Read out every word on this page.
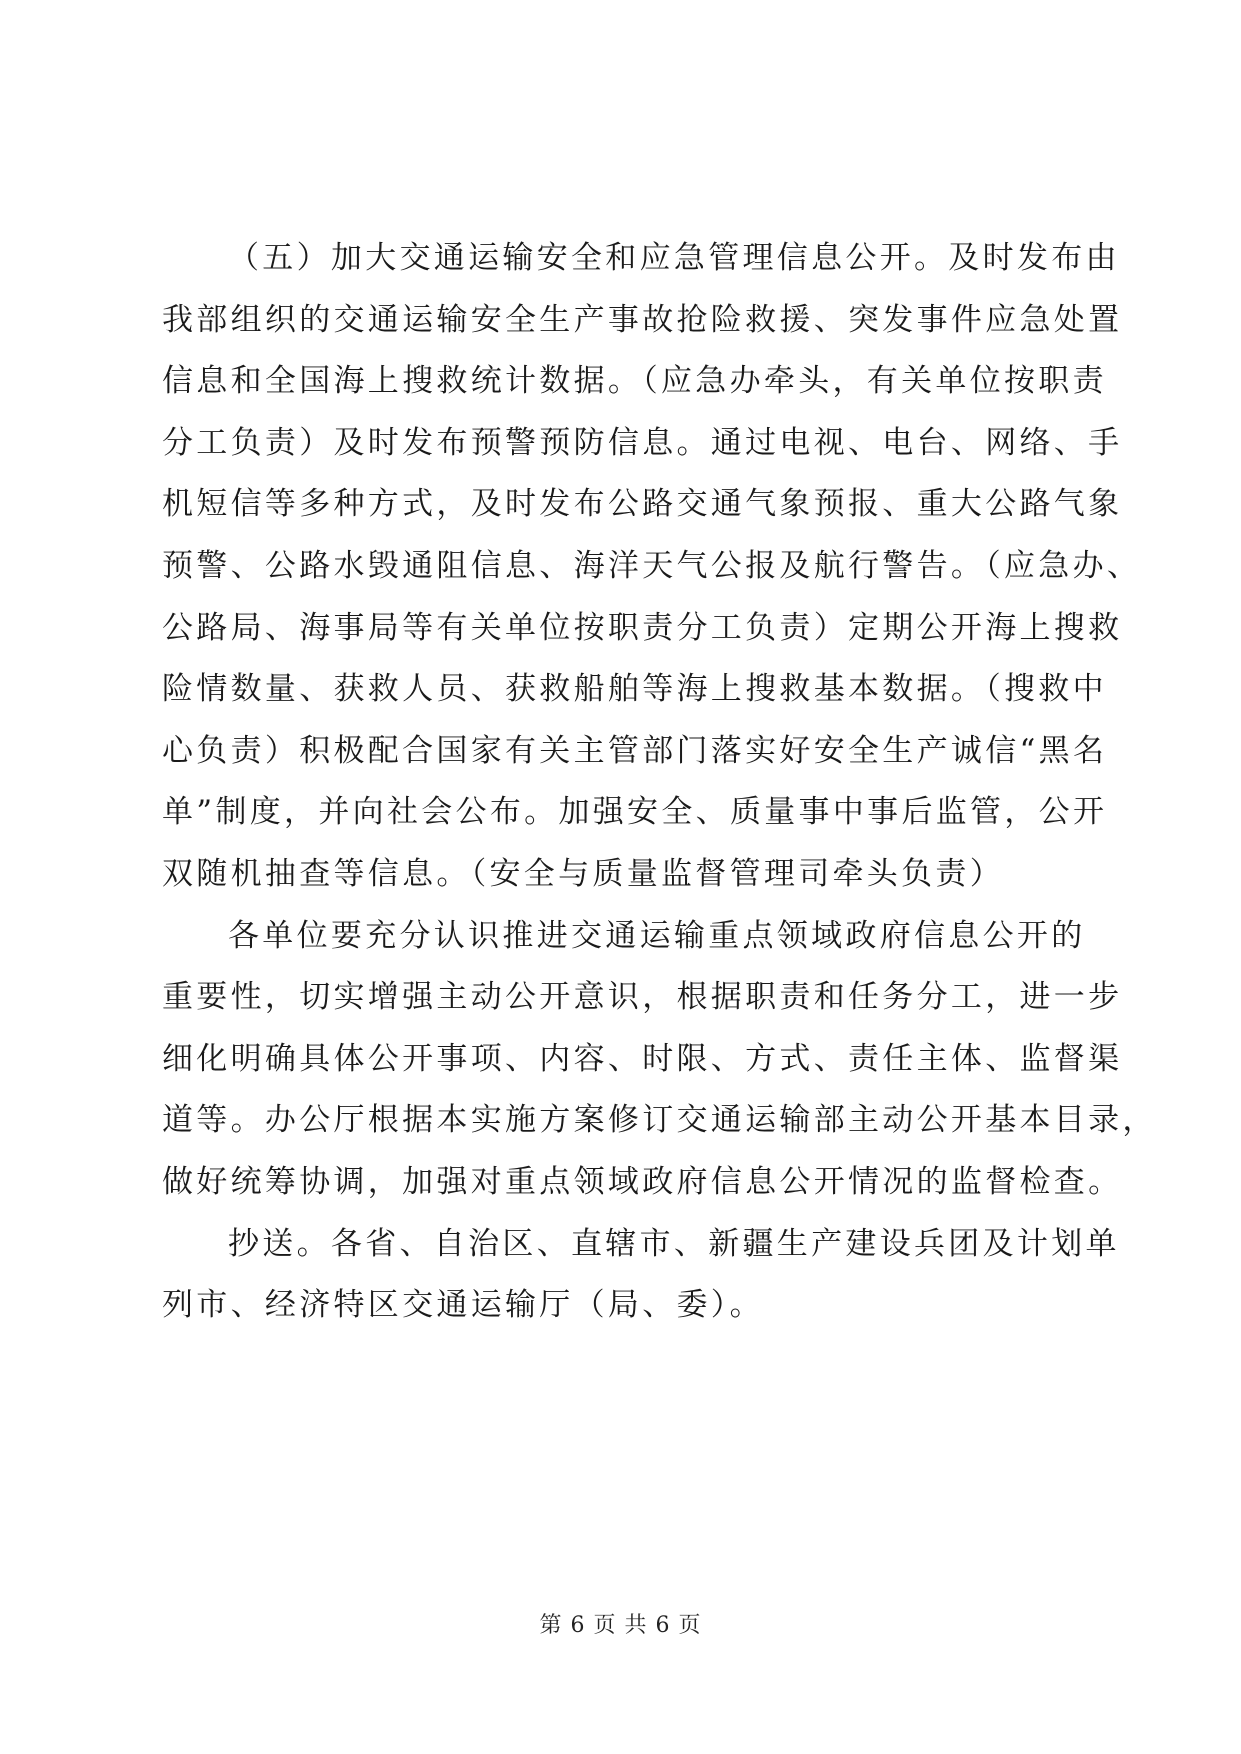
（五）加大交通运输安全和应急管理信息公开。及时发布由
我部组织的交通运输安全生产事故抢险救援、突发事件应急处置
信息和全国海上搜救统计数据。（应急办牵头，有关单位按职责
分工负责）及时发布预警预防信息。通过电视、电台、网络、手
机短信等多种方式，及时发布公路交通气象预报、重大公路气象
预警、公路水毁通阻信息、海洋天气公报及航行警告。（应急办、
公路局、海事局等有关单位按职责分工负责）定期公开海上搜救
险情数量、获救人员、获救船舶等海上搜救基本数据。（搜救中
心负责）积极配合国家有关主管部门落实好安全生产诚信“黑名
单”制度，并向社会公布。加强安全、质量事中事后监管，公开
双随机抽查等信息。（安全与质量监督管理司牵头负责）
各单位要充分认识推进交通运输重点领域政府信息公开的
重要性，切实增强主动公开意识，根据职责和任务分工，进一步
细化明确具体公开事项、内容、时限、方式、责任主体、监督渠
道等。办公厅根据本实施方案修订交通运输部主动公开基本目录，
做好统筹协调，加强对重点领域政府信息公开情况的监督检查。
抄送。各省、自治区、直辖市、新疆生产建设兵团及计划单
列市、经济特区交通运输厅（局、委）。
第 6 页 共 6 页
